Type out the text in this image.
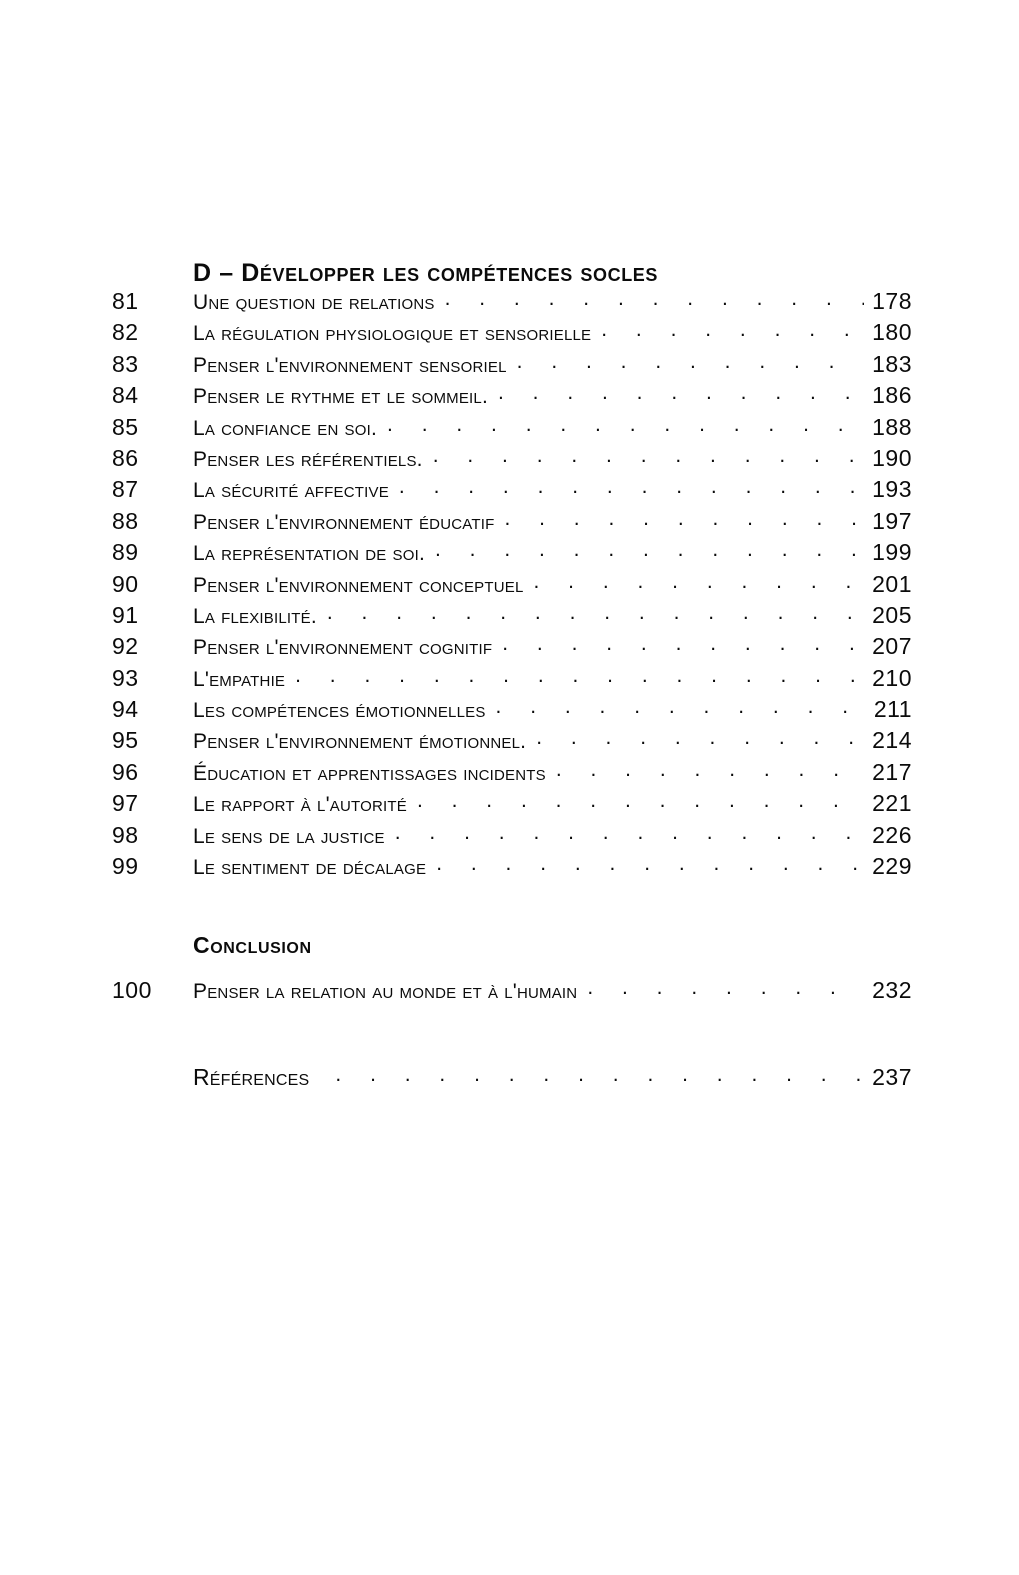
D – Développer les compétences socles
81	Une question de relations . . .	178
82	La régulation physiologique et sensorielle . . .	180
83	Penser l'environnement sensoriel . . .	183
84	Penser le rythme et le sommeil. . . .	186
85	La confiance en soi. . . .	188
86	Penser les référentiels. . . .	190
87	La sécurité affective . . .	193
88	Penser l'environnement éducatif . . .	197
89	La représentation de soi. . . .	199
90	Penser l'environnement conceptuel . . .	201
91	La flexibilité. . . .	205
92	Penser l'environnement cognitif . . .	207
93	L'empathie . . .	210
94	Les compétences émotionnelles . . .	211
95	Penser l'environnement émotionnel. . . .	214
96	Éducation et apprentissages incidents . . .	217
97	Le rapport à l'autorité . . .	221
98	Le sens de la justice . . .	226
99	Le sentiment de décalage . . .	229
Conclusion
100	Penser la relation au monde et à l'humain . . .	232
Références . . .	237
